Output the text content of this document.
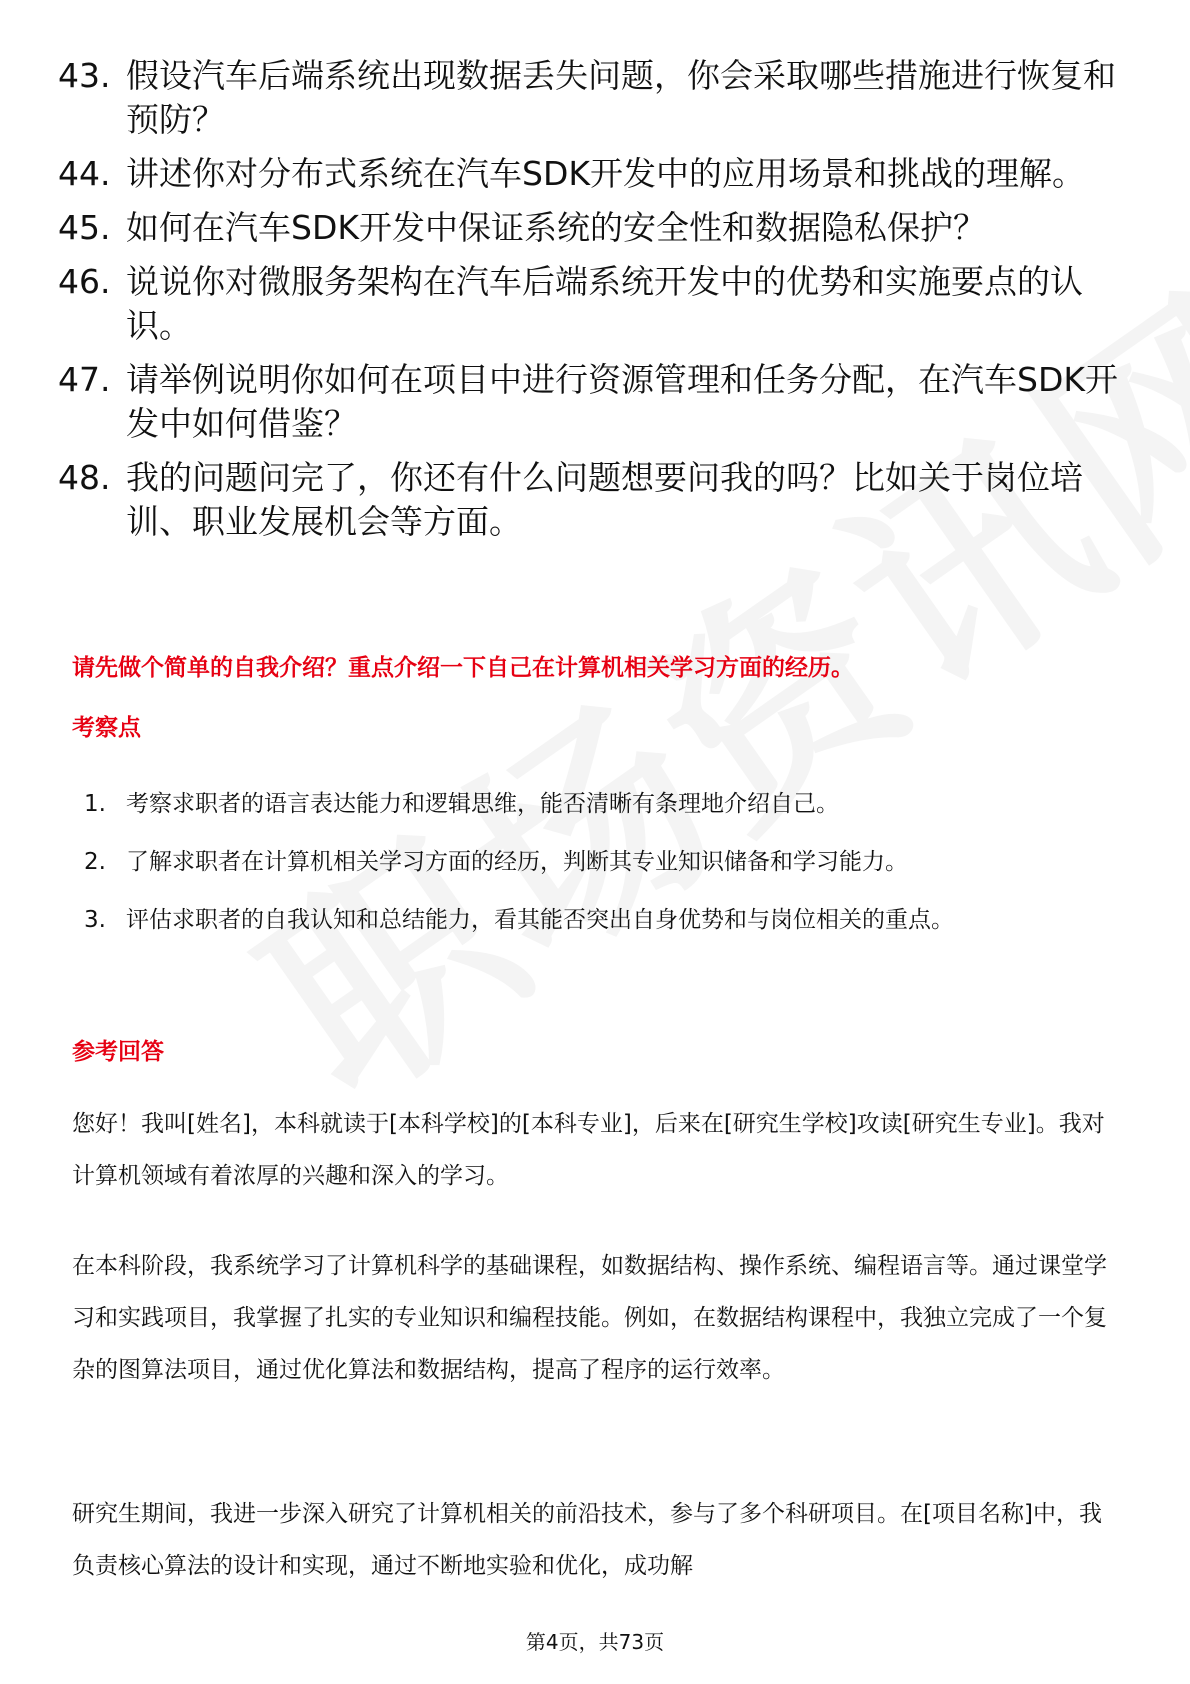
43. 假设汽车后端系统出现数据丢失问题，你会采取哪些措施进行恢复和预防？
44. 讲述你对分布式系统在汽车SDK开发中的应用场景和挑战的理解。
45. 如何在汽车SDK开发中保证系统的安全性和数据隐私保护？
46. 说说你对微服务架构在汽车后端系统开发中的优势和实施要点的认识。
47. 请举例说明你如何在项目中进行资源管理和任务分配，在汽车SDK开发中如何借鉴？
48. 我的问题问完了，你还有什么问题想要问我的吗？比如关于岗位培训、职业发展机会等方面。
请先做个简单的自我介绍？重点介绍一下自己在计算机相关学习方面的经历。
考察点
1. 考察求职者的语言表达能力和逻辑思维，能否清晰有条理地介绍自己。
2. 了解求职者在计算机相关学习方面的经历，判断其专业知识储备和学习能力。
3. 评估求职者的自我认知和总结能力，看其能否突出自身优势和与岗位相关的重点。
参考回答

您好！我叫[姓名]，本科就读于[本科学校]的[本科专业]，后来在[研究生学校]攻读[研究生专业]。我对计算机领域有着浓厚的兴趣和深入的学习。

在本科阶段，我系统学习了计算机科学的基础课程，如数据结构、操作系统、编程语言等。通过课堂学习和实践项目，我掌握了扎实的专业知识和编程技能。例如，在数据结构课程中，我独立完成了一个复杂的图算法项目，通过优化算法和数据结构，提高了程序的运行效率。

研究生期间，我进一步深入研究了计算机相关的前沿技术，参与了多个科研项目。在[项目名称]中，我负责核心算法的设计和实现，通过不断地实验和优化，成功解

第4页，共73页
